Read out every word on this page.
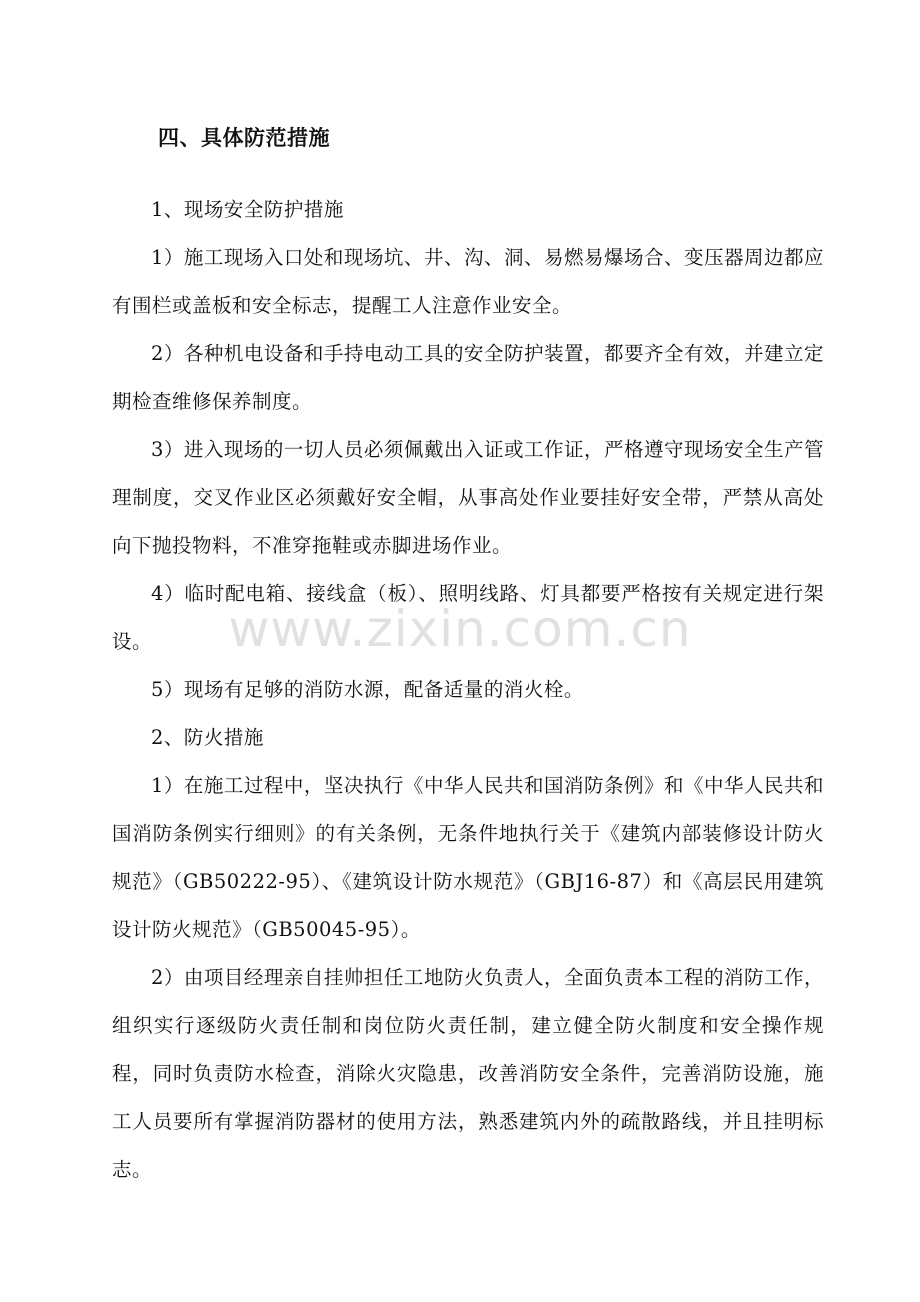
四、具体防范措施

1、现场安全防护措施

1）施工现场入口处和现场坑、井、沟、洞、易燃易爆场合、变压器周边都应有围栏或盖板和安全标志，提醒工人注意作业安全。

2）各种机电设备和手持电动工具的安全防护装置，都要齐全有效，并建立定期检查维修保养制度。

3）进入现场的一切人员必须佩戴出入证或工作证，严格遵守现场安全生产管理制度，交叉作业区必须戴好安全帽，从事高处作业要挂好安全带，严禁从高处向下抛投物料，不准穿拖鞋或赤脚进场作业。

4）临时配电箱、接线盒（板）、照明线路、灯具都要严格按有关规定进行架设。

5）现场有足够的消防水源，配备适量的消火栓。

2、防火措施

1）在施工过程中，坚决执行《中华人民共和国消防条例》和《中华人民共和国消防条例实行细则》的有关条例，无条件地执行关于《建筑内部装修设计防火规范》（GB50222-95）、《建筑设计防水规范》（GBJ16-87）和《高层民用建筑设计防火规范》（GB50045-95）。

2）由项目经理亲自挂帅担任工地防火负责人，全面负责本工程的消防工作，组织实行逐级防火责任制和岗位防火责任制，建立健全防火制度和安全操作规程，同时负责防水检查，消除火灾隐患，改善消防安全条件，完善消防设施，施工人员要所有掌握消防器材的使用方法，熟悉建筑内外的疏散路线，并且挂明标志。

www.zixin.com.cn
